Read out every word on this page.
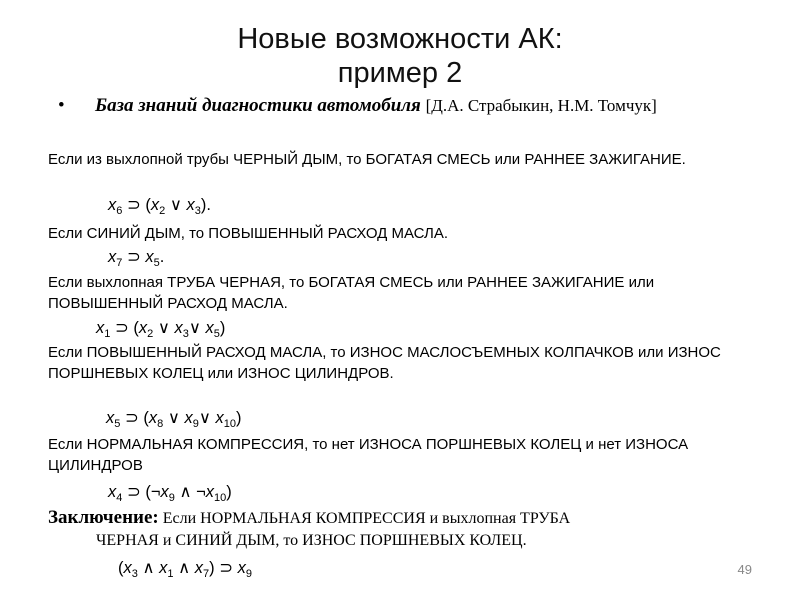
Новые возможности АК:
пример 2
• База знаний диагностики автомобиля [Д.А. Страбыкин, Н.М. Томчук]
Если из выхлопной трубы ЧЕРНЫЙ ДЫМ, то БОГАТАЯ СМЕСЬ или РАННЕЕ ЗАЖИГАНИЕ.
$x_6$ ⊃ ($x_2$ ∨ $x_3$).
Если СИНИЙ ДЫМ, то ПОВЫШЕННЫЙ РАСХОД МАСЛА.
$x_7$ ⊃ $x_5$.
Если выхлопная ТРУБА ЧЕРНАЯ, то БОГАТАЯ СМЕСЬ или РАННЕЕ ЗАЖИГАНИЕ или ПОВЫШЕННЫЙ РАСХОД МАСЛА.
$x_1$ ⊃ ($x_2$ ∨ $x_3\vee$ $x_5$)
Если ПОВЫШЕННЫЙ РАСХОД МАСЛА, то ИЗНОС МАСЛОСЪЕМНЫХ КОЛПАЧКОВ или ИЗНОС ПОРШНЕВЫХ КОЛЕЦ или ИЗНОС ЦИЛИНДРОВ.
$x_5$ ⊃ ($x_8$ ∨ $x_9\vee$ $x_{10}$)
Если НОРМАЛЬНАЯ КОМПРЕССИЯ, то нет ИЗНОСА ПОРШНЕВЫХ КОЛЕЦ и нет ИЗНОСА ЦИЛИНДРОВ
$x_4$ ⊃ ($\neg x_9$ ∧ $\neg x_{10}$)
Заключение: Если НОРМАЛЬНАЯ КОМПРЕССИЯ и выхлопная ТРУБА
ЧЕРНАЯ и СИНИЙ ДЫМ, то ИЗНОС ПОРШНЕВЫХ КОЛЕЦ.
($x_3$ ∧ $x_1$ ∧ $x_7$) ⊃ $x_9$	49
